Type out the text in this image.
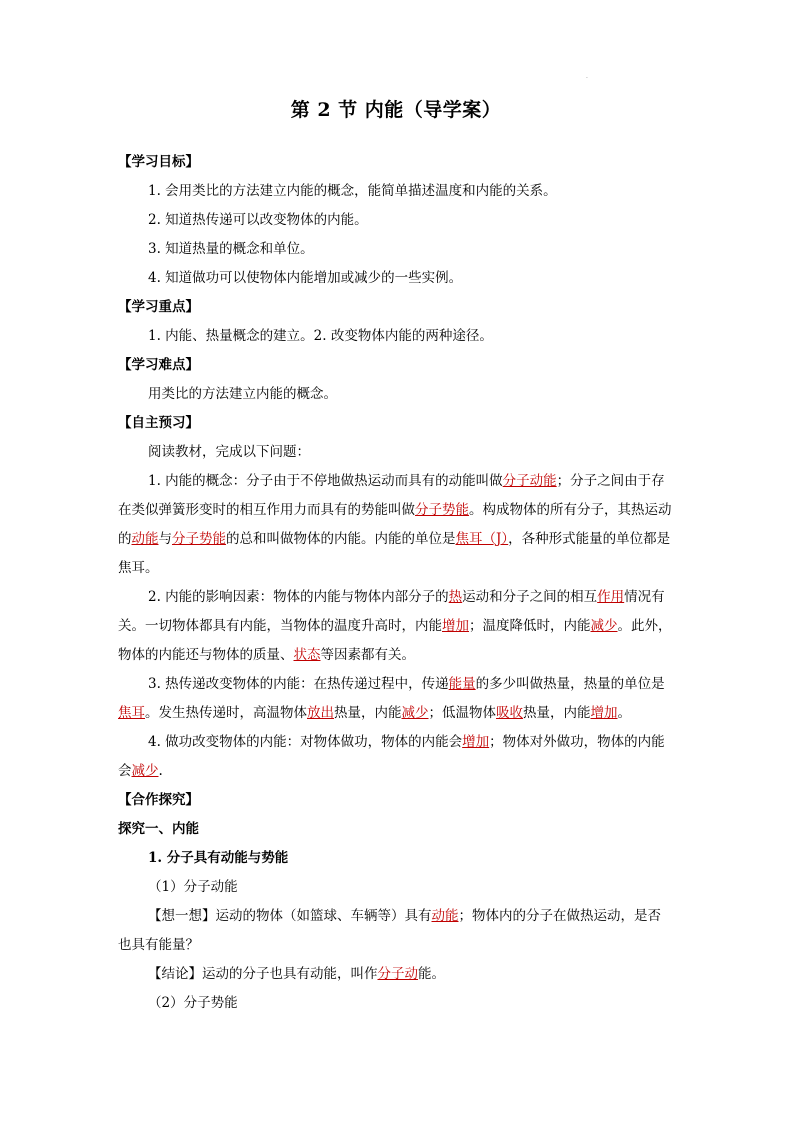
·
第 2 节 内能（导学案）

【学习目标】

1. 会用类比的方法建立内能的概念，能简单描述温度和内能的关系。

2. 知道热传递可以改变物体的内能。

3. 知道热量的概念和单位。

4. 知道做功可以使物体内能增加或减少的一些实例。

【学习重点】

1. 内能、热量概念的建立。2. 改变物体内能的两种途径。

【学习难点】

用类比的方法建立内能的概念。

【自主预习】

阅读教材，完成以下问题：

1. 内能的概念：分子由于不停地做热运动而具有的动能叫做分子动能；分子之间由于存在类似弹簧形变时的相互作用力而具有的势能叫做分子势能。构成物体的所有分子，其热运动的动能与分子势能的总和叫做物体的内能。内能的单位是焦耳（J），各种形式能量的单位都是焦耳。

2. 内能的影响因素：物体的内能与物体内部分子的热运动和分子之间的相互作用情况有关。一切物体都具有内能，当物体的温度升高时，内能增加；温度降低时，内能减少。此外，物体的内能还与物体的质量、状态等因素都有关。

3. 热传递改变物体的内能：在热传递过程中，传递能量的多少叫做热量，热量的单位是焦耳。发生热传递时，高温物体放出热量，内能减少；低温物体吸收热量，内能增加。

4. 做功改变物体的内能：对物体做功，物体的内能会增加；物体对外做功，物体的内能会减少.

【合作探究】

探究一、内能

1. 分子具有动能与势能

（1）分子动能

【想一想】运动的物体（如篮球、车辆等）具有动能；物体内的分子在做热运动，是否也具有能量？

【结论】运动的分子也具有动能，叫作分子动能。

（2）分子势能
